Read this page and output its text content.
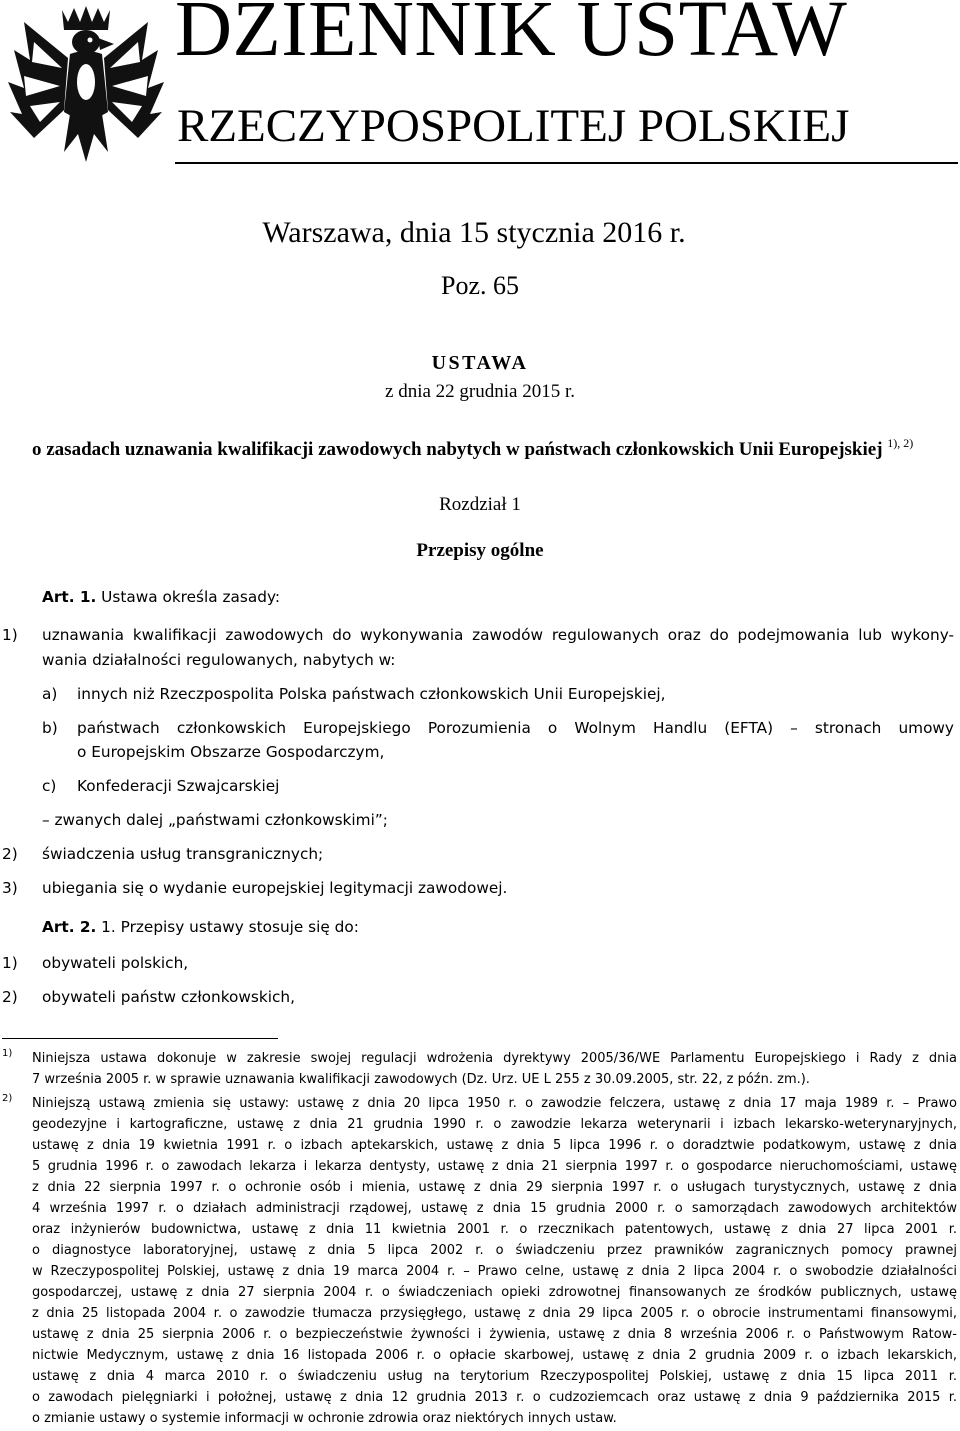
DZIENNIK USTAW
RZECZYPOSPOLITEJ POLSKIEJ
Warszawa, dnia 15 stycznia 2016 r.
Poz. 65
USTAWA
z dnia 22 grudnia 2015 r.
o zasadach uznawania kwalifikacji zawodowych nabytych w państwach członkowskich Unii Europejskiej $^{1), 2)}$
Rozdział 1
Przepisy ogólne
Art. 1. Ustawa określa zasady:
1) uznawania kwalifikacji zawodowych do wykonywania zawodów regulowanych oraz do podejmowania lub wykony-
wania działalności regulowanych, nabytych w:
a) innych niż Rzeczpospolita Polska państwach członkowskich Unii Europejskiej,
b) państwach członkowskich Europejskiego Porozumienia o Wolnym Handlu (EFTA) – stronach umowy
o Europejskim Obszarze Gospodarczym,
c) Konfederacji Szwajcarskiej
– zwanych dalej „państwami członkowskimi”;
2) świadczenia usług transgranicznych;
3) ubiegania się o wydanie europejskiej legitymacji zawodowej.
Art. 2. 1. Przepisy ustawy stosuje się do:
1) obywateli polskich,
2) obywateli państw członkowskich,
1) Niniejsza ustawa dokonuje w zakresie swojej regulacji wdrożenia dyrektywy 2005/36/WE Parlamentu Europejskiego i Rady z dnia
7 września 2005 r. w sprawie uznawania kwalifikacji zawodowych (Dz. Urz. UE L 255 z 30.09.2005, str. 22, z późn. zm.).
2) Niniejszą ustawą zmienia się ustawy: ustawę z dnia 20 lipca 1950 r. o zawodzie felczera, ustawę z dnia 17 maja 1989 r. – Prawo
geodezyjne i kartograficzne, ustawę z dnia 21 grudnia 1990 r. o zawodzie lekarza weterynarii i izbach lekarsko-weterynaryjnych,
ustawę z dnia 19 kwietnia 1991 r. o izbach aptekarskich, ustawę z dnia 5 lipca 1996 r. o doradztwie podatkowym, ustawę z dnia
5 grudnia 1996 r. o zawodach lekarza i lekarza dentysty, ustawę z dnia 21 sierpnia 1997 r. o gospodarce nieruchomościami, ustawę
z dnia 22 sierpnia 1997 r. o ochronie osób i mienia, ustawę z dnia 29 sierpnia 1997 r. o usługach turystycznych, ustawę z dnia
4 września 1997 r. o działach administracji rządowej, ustawę z dnia 15 grudnia 2000 r. o samorządach zawodowych architektów
oraz inżynierów budownictwa, ustawę z dnia 11 kwietnia 2001 r. o rzecznikach patentowych, ustawę z dnia 27 lipca 2001 r.
o diagnostyce laboratoryjnej, ustawę z dnia 5 lipca 2002 r. o świadczeniu przez prawników zagranicznych pomocy prawnej
w Rzeczypospolitej Polskiej, ustawę z dnia 19 marca 2004 r. – Prawo celne, ustawę z dnia 2 lipca 2004 r. o swobodzie działalności
gospodarczej, ustawę z dnia 27 sierpnia 2004 r. o świadczeniach opieki zdrowotnej finansowanych ze środków publicznych, ustawę
z dnia 25 listopada 2004 r. o zawodzie tłumacza przysięgłego, ustawę z dnia 29 lipca 2005 r. o obrocie instrumentami finansowymi,
ustawę z dnia 25 sierpnia 2006 r. o bezpieczeństwie żywności i żywienia, ustawę z dnia 8 września 2006 r. o Państwowym Ratow-
nictwie Medycznym, ustawę z dnia 16 listopada 2006 r. o opłacie skarbowej, ustawę z dnia 2 grudnia 2009 r. o izbach lekarskich,
ustawę z dnia 4 marca 2010 r. o świadczeniu usług na terytorium Rzeczypospolitej Polskiej, ustawę z dnia 15 lipca 2011 r.
o zawodach pielęgniarki i położnej, ustawę z dnia 12 grudnia 2013 r. o cudzoziemcach oraz ustawę z dnia 9 października 2015 r.
o zmianie ustawy o systemie informacji w ochronie zdrowia oraz niektórych innych ustaw.
